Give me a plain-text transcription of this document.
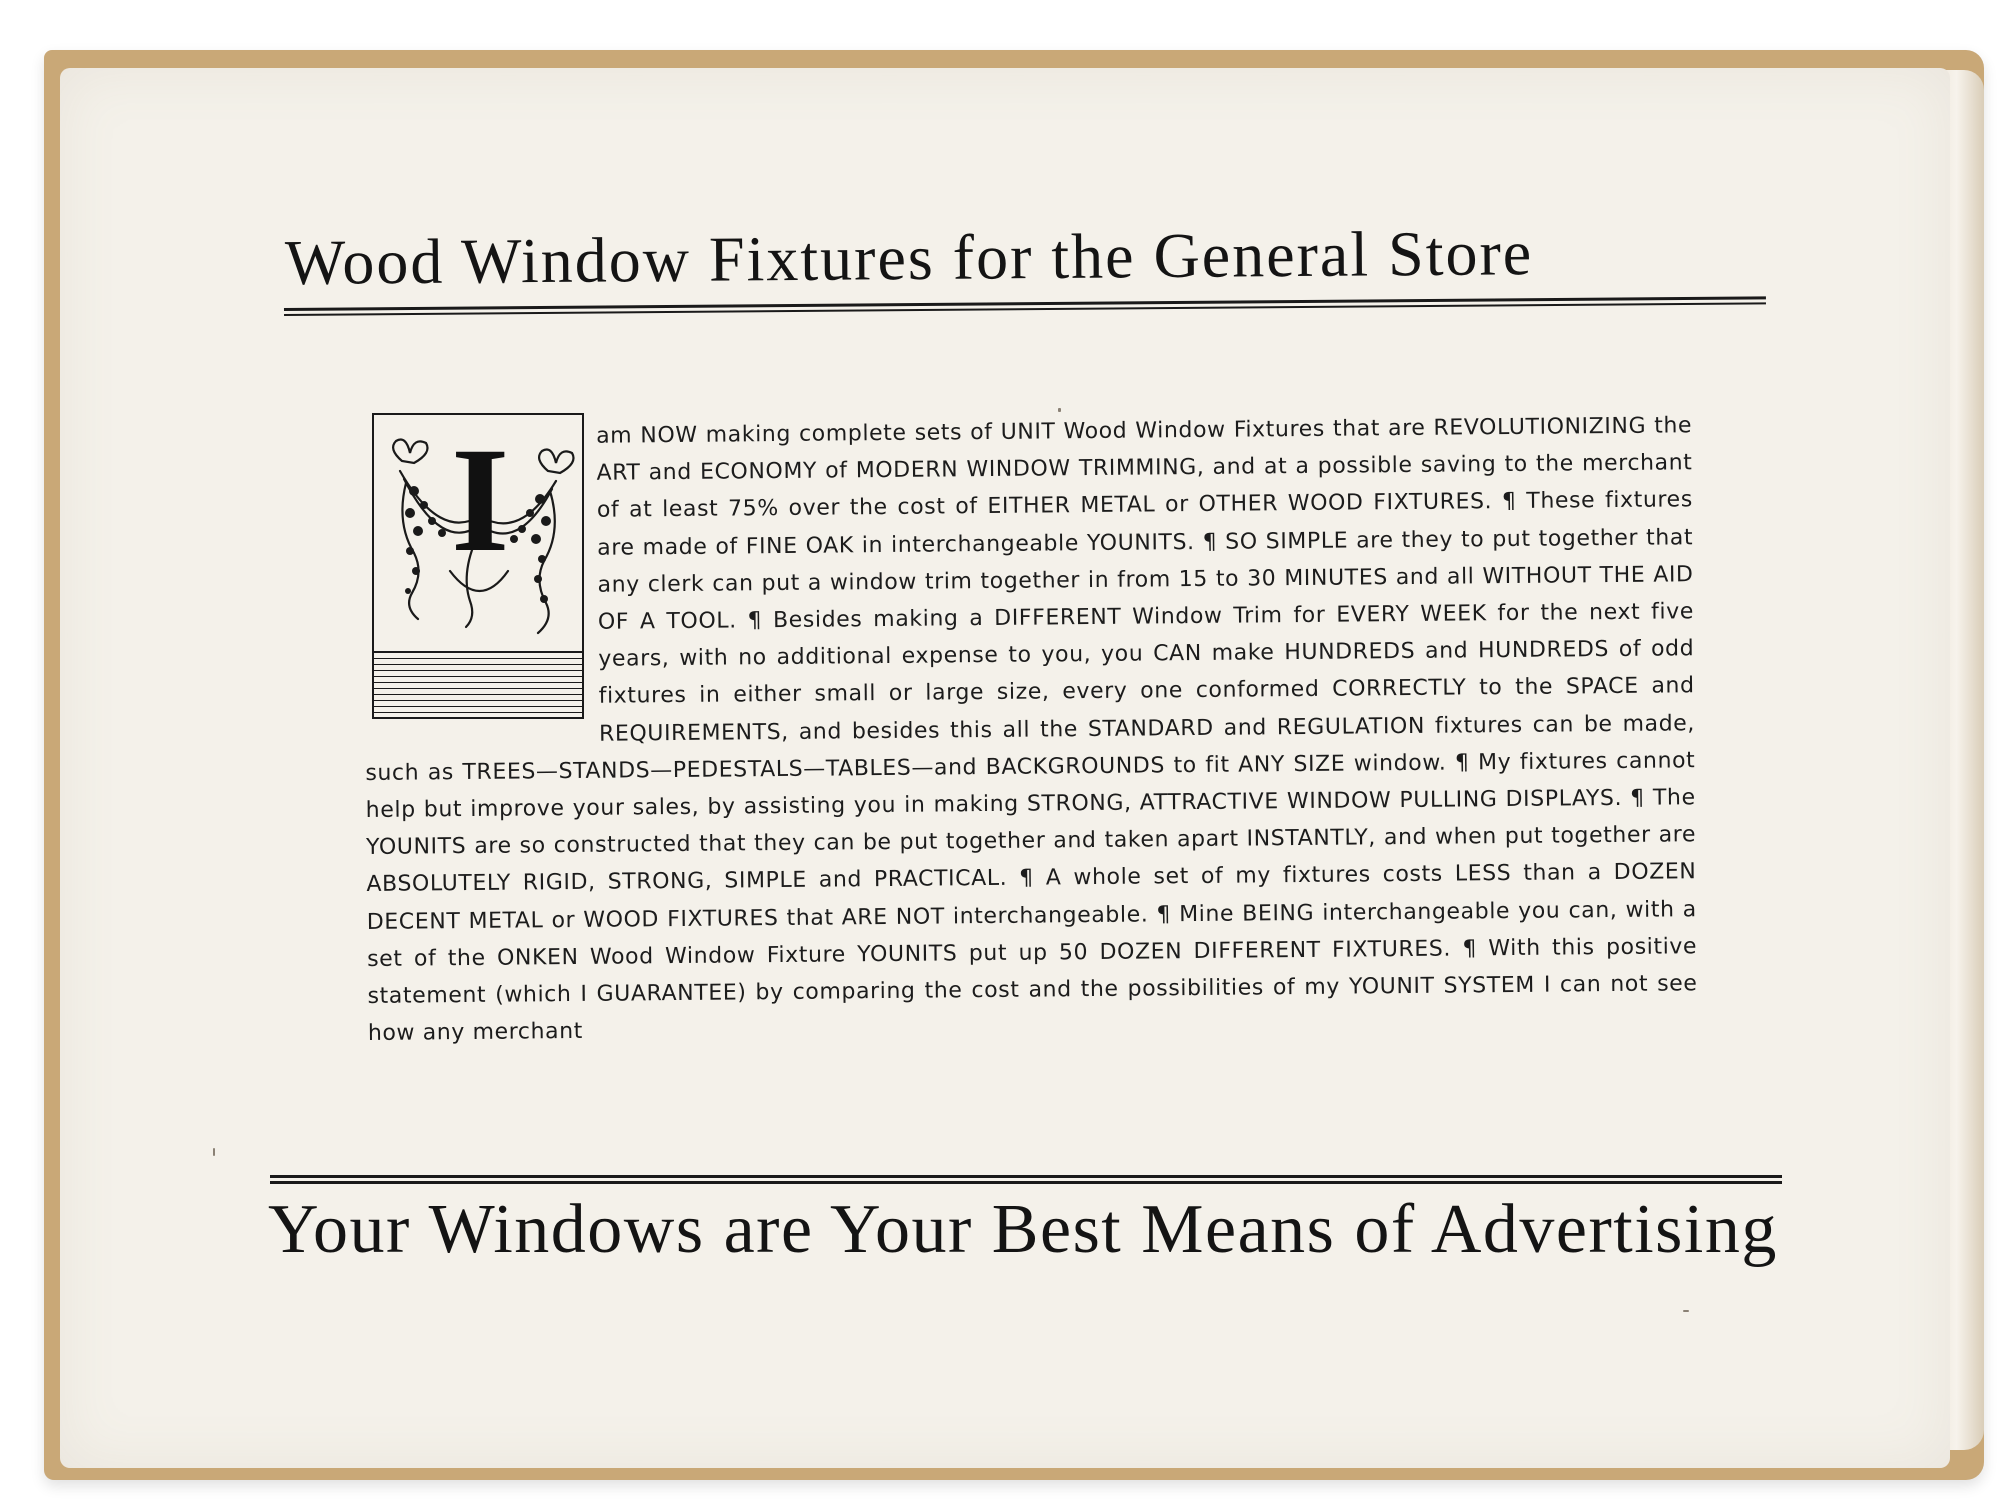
Wood Window Fixtures for the General Store
I	am NOW making complete sets of UNIT Wood Window Fixtures that are REVOLUTIONIZING the ART and ECONOMY of MODERN WINDOW TRIMMING, and at a possible saving to the merchant of at least 75% over the cost of EITHER METAL or OTHER WOOD FIXTURES. ¶ These fixtures are made of FINE OAK in interchangeable YOUNITS. ¶ SO SIMPLE are they to put together that any clerk can put a window trim together in from 15 to 30 MINUTES and all WITHOUT THE AID OF A TOOL. ¶ Besides making a DIFFERENT Window Trim for EVERY WEEK for the next five years, with no additional expense to you, you CAN make HUNDREDS and HUNDREDS of odd fixtures in either small or large size, every one conformed CORRECTLY to the SPACE and REQUIREMENTS, and besides this all the STANDARD and REGULATION fixtures can be made, such as TREES—STANDS—PEDESTALS—TABLES—and BACKGROUNDS to fit ANY SIZE window. ¶ My fixtures cannot help but improve your sales, by assisting you in making STRONG, ATTRACTIVE WINDOW PULLING DISPLAYS. ¶ The YOUNITS are so constructed that they can be put together and taken apart INSTANTLY, and when put together are ABSOLUTELY RIGID, STRONG, SIMPLE and PRACTICAL. ¶ A whole set of my fixtures costs LESS than a DOZEN DECENT METAL or WOOD FIXTURES that ARE NOT interchangeable. ¶ Mine BEING interchangeable you can, with a set of the ONKEN Wood Window Fixture YOUNITS put up 50 DOZEN DIFFERENT FIXTURES. ¶ With this positive statement (which I GUARANTEE) by comparing the cost and the possibilities of my YOUNIT SYSTEM I can not see how any merchant

Your Windows are Your Best Means of Advertising
